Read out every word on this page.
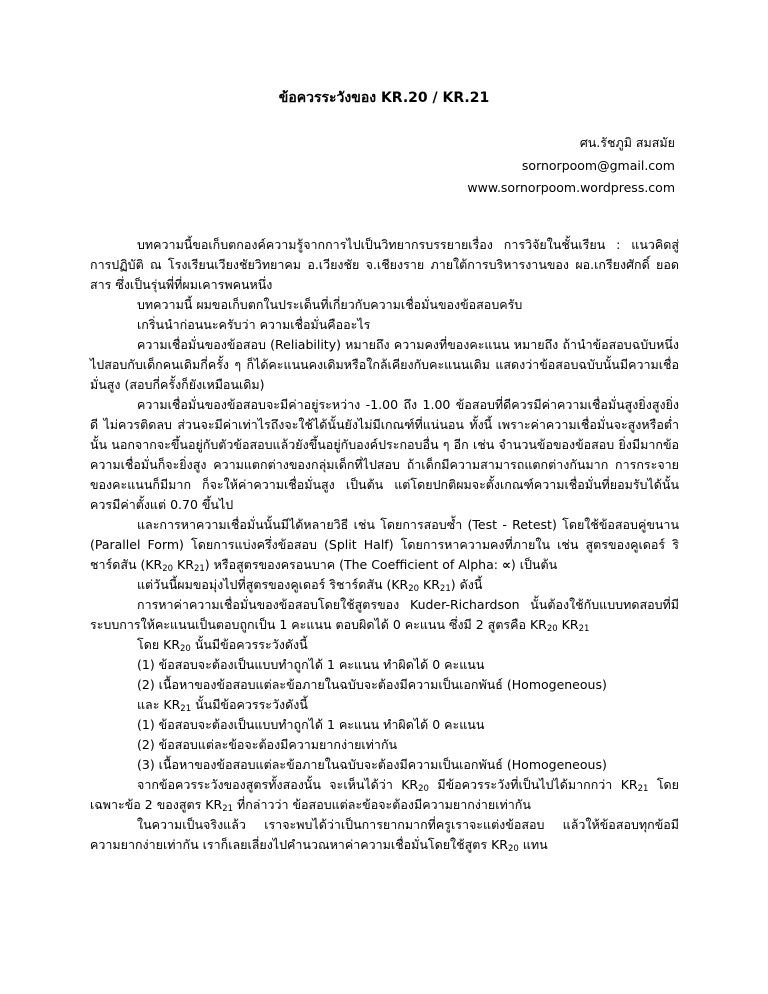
ข้อควรระวังของ KR.20 / KR.21
ศน.รัชภูมิ สมสมัย
sornorpoom@gmail.com
www.sornorpoom.wordpress.com

บทความนี้ขอเก็บตกองค์ความรู้จากการไปเป็นวิทยากรบรรยายเรื่อง การวิจัยในชั้นเรียน : แนวคิดสู่การปฏิบัติ ณ โรงเรียนเวียงชัยวิทยาคม อ.เวียงชัย จ.เชียงราย ภายใต้การบริหารงานของ ผอ.เกรียงศักดิ์ ยอดสาร ซึ่งเป็นรุ่นพี่ที่ผมเคารพคนหนึ่ง

บทความนี้ ผมขอเก็บตกในประเด็นที่เกี่ยวกับความเชื่อมั่นของข้อสอบครับ

เกริ่นนำก่อนนะครับว่า ความเชื่อมั่นคืออะไร

ความเชื่อมั่นของข้อสอบ (Reliability) หมายถึง ความคงที่ของคะแนน หมายถึง ถ้านำข้อสอบฉบับหนึ่งไปสอบกับเด็กคนเดิมกี่ครั้ง ๆ ก็ได้คะแนนคงเดิมหรือใกล้เคียงกับคะแนนเดิม แสดงว่าข้อสอบฉบับนั้นมีความเชื่อมั่นสูง (สอบกี่ครั้งก็ยังเหมือนเดิม)

ความเชื่อมั่นของข้อสอบจะมีค่าอยู่ระหว่าง -1.00 ถึง 1.00 ข้อสอบที่ดีควรมีค่าความเชื่อมั่นสูงยิ่งสูงยิ่งดี ไม่ควรติดลบ ส่วนจะมีค่าเท่าไรถึงจะใช้ได้นั้นยังไม่มีเกณฑ์ที่แน่นอน ทั้งนี้ เพราะค่าความเชื่อมั่นจะสูงหรือต่ำนั้น นอกจากจะขึ้นอยู่กับตัวข้อสอบแล้วยังขึ้นอยู่กับองค์ประกอบอื่น ๆ อีก เช่น จำนวนข้อของข้อสอบ ยิ่งมีมากข้อ ความเชื่อมั่นก็จะยิ่งสูง ความแตกต่างของกลุ่มเด็กที่ไปสอบ ถ้าเด็กมีความสามารถแตกต่างกันมาก การกระจายของคะแนนก็มีมาก ก็จะให้ค่าความเชื่อมั่นสูง เป็นต้น แต่โดยปกติผมจะตั้งเกณฑ์ความเชื่อมั่นที่ยอมรับได้นั้น ควรมีค่าตั้งแต่ 0.70 ขึ้นไป

และการหาความเชื่อมั่นนั้นมีได้หลายวิธี เช่น โดยการสอบซ้ำ (Test - Retest) โดยใช้ข้อสอบคู่ขนาน (Parallel Form) โดยการแบ่งครึ่งข้อสอบ (Split Half) โดยการหาความคงที่ภายใน เช่น สูตรของคูเดอร์ ริชาร์ดสัน ($KR_{20}$ $KR_{21}$) หรือสูตรของครอนบาค (The Coefficient of Alpha: ∝) เป็นต้น

แต่วันนี้ผมขอมุ่งไปที่สูตรของคูเดอร์ ริชาร์ดสัน ($KR_{20}$ $KR_{21}$) ดังนี้

การหาค่าความเชื่อมั่นของข้อสอบโดยใช้สูตรของ Kuder-Richardson นั้นต้องใช้กับแบบทดสอบที่มีระบบการให้คะแนนเป็นตอบถูกเป็น 1 คะแนน ตอบผิดได้ 0 คะแนน ซึ่งมี 2 สูตรคือ $KR_{20}$ $KR_{21}$

โดย $KR_{20}$ นั้นมีข้อควรระวังดังนี้

(1) ข้อสอบจะต้องเป็นแบบทำถูกได้ 1 คะแนน ทำผิดได้ 0 คะแนน
(2) เนื้อหาของข้อสอบแต่ละข้อภายในฉบับจะต้องมีความเป็นเอกพันธ์ (Homogeneous)

และ $KR_{21}$ นั้นมีข้อควรระวังดังนี้

(1) ข้อสอบจะต้องเป็นแบบทำถูกได้ 1 คะแนน ทำผิดได้ 0 คะแนน
(2) ข้อสอบแต่ละข้อจะต้องมีความยากง่ายเท่ากัน
(3) เนื้อหาของข้อสอบแต่ละข้อภายในฉบับจะต้องมีความเป็นเอกพันธ์ (Homogeneous)

จากข้อควรระวังของสูตรทั้งสองนั้น จะเห็นได้ว่า $KR_{20}$ มีข้อควรระวังที่เป็นไปได้มากกว่า $KR_{21}$ โดยเฉพาะข้อ 2 ของสูตร $KR_{21}$ ที่กล่าวว่า ข้อสอบแต่ละข้อจะต้องมีความยากง่ายเท่ากัน

ในความเป็นจริงแล้ว เราจะพบได้ว่าเป็นการยากมากที่ครูเราจะแต่งข้อสอบ แล้วให้ข้อสอบทุกข้อมีความยากง่ายเท่ากัน เราก็เลยเลี่ยงไปคำนวณหาค่าความเชื่อมั่นโดยใช้สูตร $KR_{20}$ แทน
